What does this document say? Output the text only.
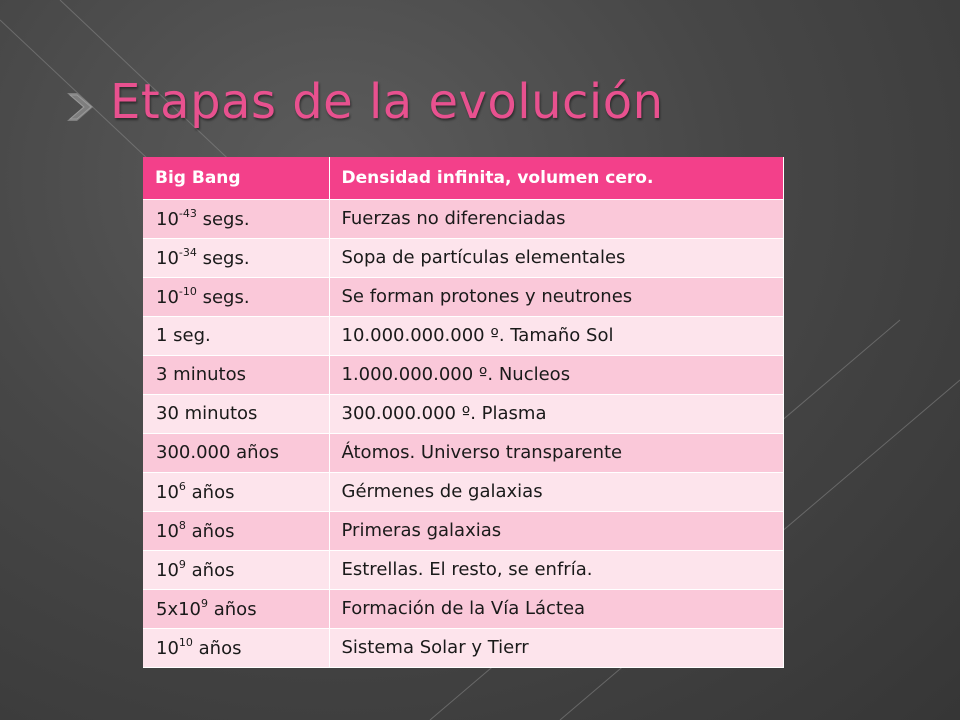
Etapas de la evolución
Big Bang	Densidad infinita, volumen cero.
$10^{-43}$ segs.	Fuerzas no diferenciadas
$10^{-34}$ segs.	Sopa de partículas elementales
$10^{-10}$ segs.	Se forman protones y neutrones
1 seg.	10.000.000.000 º. Tamaño Sol
3 minutos	1.000.000.000 º. Nucleos
30 minutos	300.000.000 º. Plasma
300.000 años	Átomos. Universo transparente
$10^6$ años	Gérmenes de galaxias
$10^8$ años	Primeras galaxias
$10^9$ años	Estrellas. El resto, se enfría.
$5x10^9$ años	Formación de la Vía Láctea
$10^{10}$ años	Sistema Solar y Tierr
